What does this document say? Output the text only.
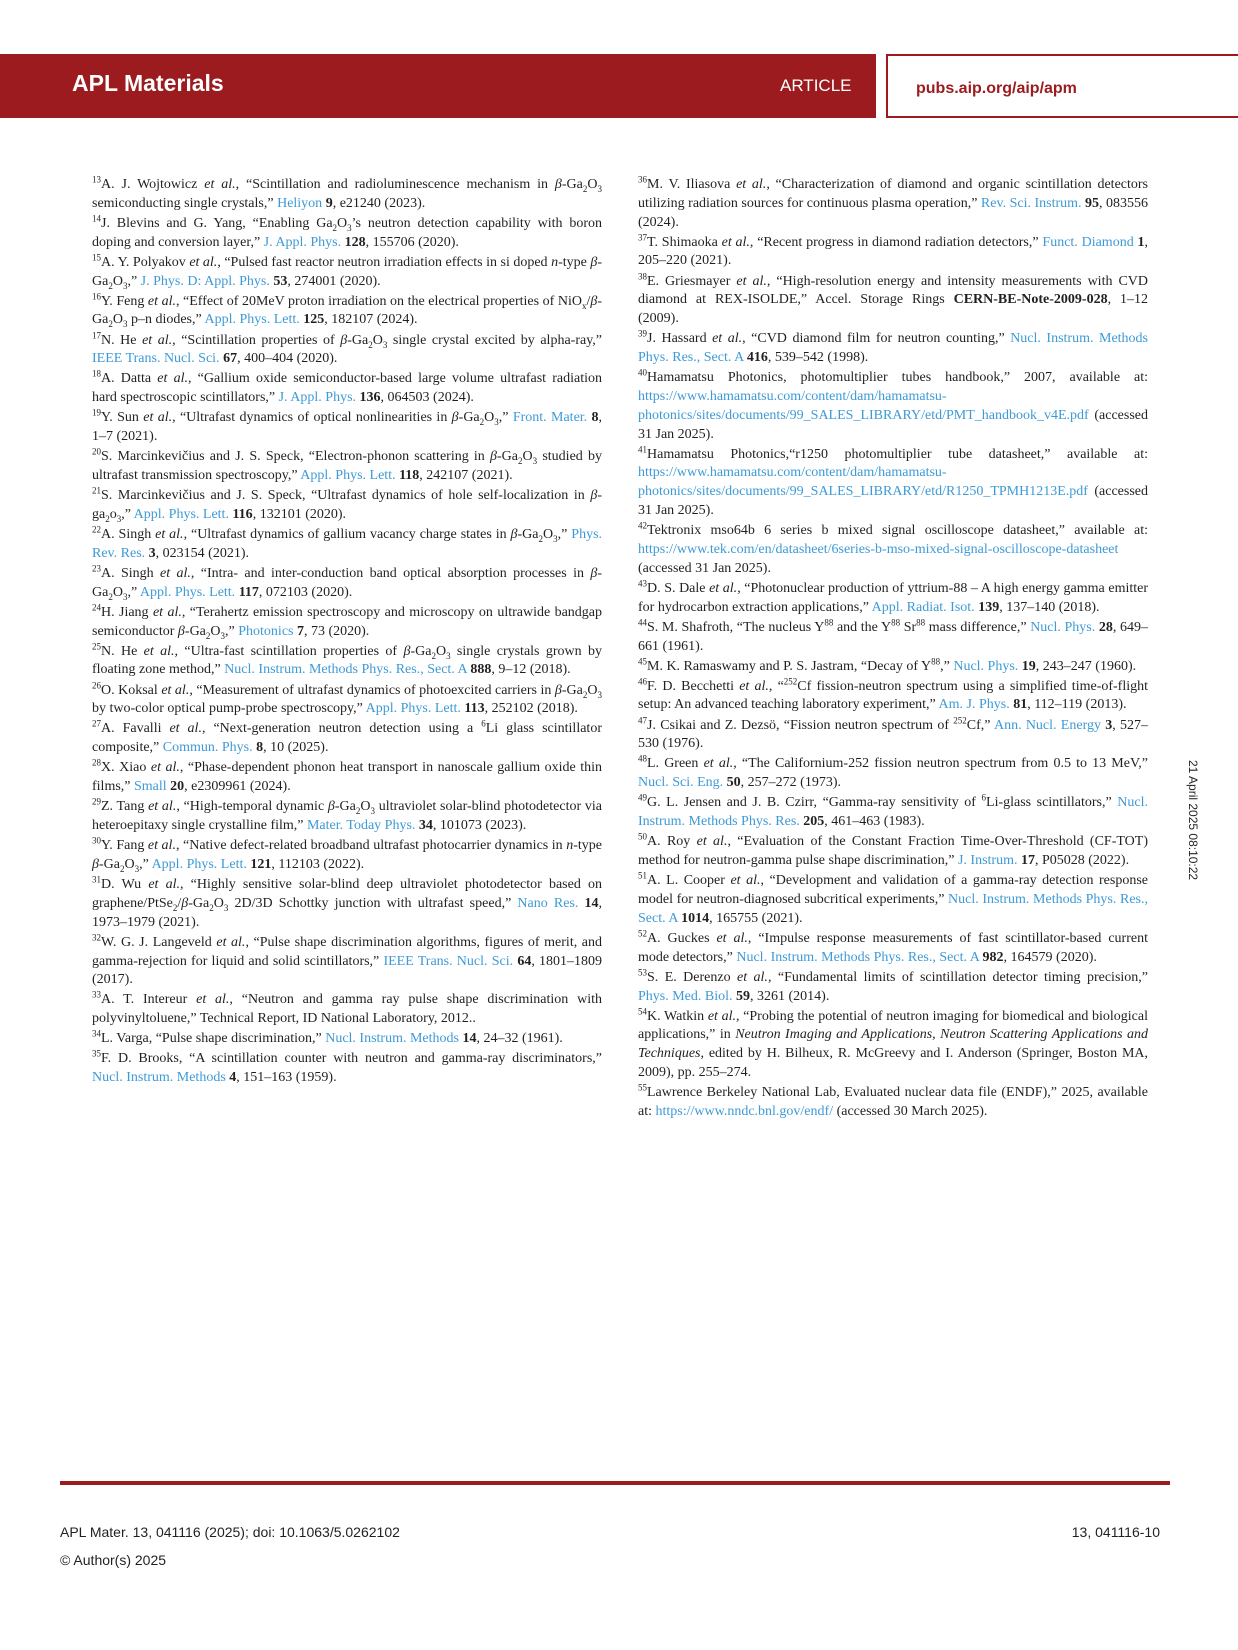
APL Materials	ARTICLE	pubs.aip.org/aip/apm

$^{13}$A. J. Wojtowicz et al., “Scintillation and radioluminescence mechanism in $\beta-Ga_2O_3$ semiconducting single crystals,” Heliyon 9, e21240 (2023).

$^{14}$J. Blevins and G. Yang, “Enabling $Ga_2O_3’s$ neutron detection capability with boron doping and conversion layer,” J. Appl. Phys. 128, 155706 (2020).

$^{15}$A. Y. Polyakov et al., “Pulsed fast reactor neutron irradiation effects in si doped n-type $\beta-Ga_2O_3$,” J. Phys. D: Appl. Phys. 53, 274001 (2020).

$^{16}$Y. Feng et al., “Effect of 20MeV proton irradiation on the electrical properties of $NiO_x/\beta-Ga_2O_3$ p–n diodes,” Appl. Phys. Lett. 125, 182107 (2024).

$^{17}$N. He et al., “Scintillation properties of $\beta-Ga_2O_3$ single crystal excited by alpha-ray,” IEEE Trans. Nucl. Sci. 67, 400–404 (2020).

$^{18}$A. Datta et al., “Gallium oxide semiconductor-based large volume ultrafast radiation hard spectroscopic scintillators,” J. Appl. Phys. 136, 064503 (2024).

$^{19}$Y. Sun et al., “Ultrafast dynamics of optical nonlinearities in $\beta-Ga_2O_3$,” Front. Mater. 8, 1–7 (2021).

$^{20}$S. Marcinkevičius and J. S. Speck, “Electron-phonon scattering in $\beta-Ga_2O_3$ studied by ultrafast transmission spectroscopy,” Appl. Phys. Lett. 118, 242107 (2021).

$^{21}$S. Marcinkevičius and J. S. Speck, “Ultrafast dynamics of hole self-localization in $\beta-ga_2o_3$,” Appl. Phys. Lett. 116, 132101 (2020).

$^{22}$A. Singh et al., “Ultrafast dynamics of gallium vacancy charge states in $\beta-Ga_2O_3$,” Phys. Rev. Res. 3, 023154 (2021).

$^{23}$A. Singh et al., “Intra- and inter-conduction band optical absorption processes in $\beta-Ga_2O_3$,” Appl. Phys. Lett. 117, 072103 (2020).

$^{24}$H. Jiang et al., “Terahertz emission spectroscopy and microscopy on ultrawide bandgap semiconductor $\beta-Ga_2O_3$,” Photonics 7, 73 (2020).

$^{25}$N. He et al., “Ultra-fast scintillation properties of $\beta-Ga_2O_3$ single crystals grown by floating zone method,” Nucl. Instrum. Methods Phys. Res., Sect. A 888, 9–12 (2018).

$^{26}$O. Koksal et al., “Measurement of ultrafast dynamics of photoexcited carriers in $\beta-Ga_2O_3$ by two-color optical pump-probe spectroscopy,” Appl. Phys. Lett. 113, 252102 (2018).

$^{27}$A. Favalli et al., “Next-generation neutron detection using a $^6$Li glass scintillator composite,” Commun. Phys. 8, 10 (2025).

$^{28}$X. Xiao et al., “Phase-dependent phonon heat transport in nanoscale gallium oxide thin films,” Small 20, e2309961 (2024).

$^{29}$Z. Tang et al., “High-temporal dynamic $\beta-Ga_2O_3$ ultraviolet solar-blind photodetector via heteroepitaxy single crystalline film,” Mater. Today Phys. 34, 101073 (2023).

$^{30}$Y. Fang et al., “Native defect-related broadband ultrafast photocarrier dynamics in n-type $\beta-Ga_2O_3$,” Appl. Phys. Lett. 121, 112103 (2022).

$^{31}$D. Wu et al., “Highly sensitive solar-blind deep ultraviolet photodetector based on graphene/$PtSe_2/\beta-Ga_2O_3$ 2D/3D Schottky junction with ultrafast speed,” Nano Res. 14, 1973–1979 (2021).

$^{32}$W. G. J. Langeveld et al., “Pulse shape discrimination algorithms, figures of merit, and gamma-rejection for liquid and solid scintillators,” IEEE Trans. Nucl. Sci. 64, 1801–1809 (2017).

$^{33}$A. T. Intereur et al., “Neutron and gamma ray pulse shape discrimination with polyvinyltoluene,” Technical Report, ID National Laboratory, 2012..

$^{34}$L. Varga, “Pulse shape discrimination,” Nucl. Instrum. Methods 14, 24–32 (1961).

$^{35}$F. D. Brooks, “A scintillation counter with neutron and gamma-ray discriminators,” Nucl. Instrum. Methods 4, 151–163 (1959).

$^{36}$M. V. Iliasova et al., “Characterization of diamond and organic scintillation detectors utilizing radiation sources for continuous plasma operation,” Rev. Sci. Instrum. 95, 083556 (2024).

$^{37}$T. Shimaoka et al., “Recent progress in diamond radiation detectors,” Funct. Diamond 1, 205–220 (2021).

$^{38}$E. Griesmayer et al., “High-resolution energy and intensity measurements with CVD diamond at REX-ISOLDE,” Accel. Storage Rings CERN-BE-Note-2009-028, 1–12 (2009).

$^{39}$J. Hassard et al., “CVD diamond film for neutron counting,” Nucl. Instrum. Methods Phys. Res., Sect. A 416, 539–542 (1998).

$^{40}$Hamamatsu Photonics, photomultiplier tubes handbook,” 2007, available at: https://www.hamamatsu.com/content/dam/hamamatsu-photonics/sites/documents/99_SALES_LIBRARY/etd/PMT_handbook_v4E.pdf (accessed 31 Jan 2025).

$^{41}$Hamamatsu Photonics,“r1250 photomultiplier tube datasheet,” available at: https://www.hamamatsu.com/content/dam/hamamatsu-photonics/sites/documents/99_SALES_LIBRARY/etd/R1250_TPMH1213E.pdf (accessed 31 Jan 2025).

$^{42}$Tektronix mso64b 6 series b mixed signal oscilloscope datasheet,” available at: https://www.tek.com/en/datasheet/6series-b-mso-mixed-signal-oscilloscope-datasheet (accessed 31 Jan 2025).

$^{43}$D. S. Dale et al., “Photonuclear production of yttrium-88 – A high energy gamma emitter for hydrocarbon extraction applications,” Appl. Radiat. Isot. 139, 137–140 (2018).

$^{44}$S. M. Shafroth, “The nucleus $Y^{88}$ and the $Y^{88}$ Sr$^{88}$ mass difference,” Nucl. Phys. 28, 649–661 (1961).

$^{45}$M. K. Ramaswamy and P. S. Jastram, “Decay of $Y^{88}$,” Nucl. Phys. 19, 243–247 (1960).

$^{46}$F. D. Becchetti et al., “$^{252}$Cf fission-neutron spectrum using a simplified time-of-flight setup: An advanced teaching laboratory experiment,” Am. J. Phys. 81, 112–119 (2013).

$^{47}$J. Csikai and Z. Dezsö, “Fission neutron spectrum of $^{252}$Cf,” Ann. Nucl. Energy 3, 527–530 (1976).

$^{48}$L. Green et al., “The Californium-252 fission neutron spectrum from 0.5 to 13 MeV,” Nucl. Sci. Eng. 50, 257–272 (1973).

$^{49}$G. L. Jensen and J. B. Czirr, “Gamma-ray sensitivity of $^6$Li-glass scintillators,” Nucl. Instrum. Methods Phys. Res. 205, 461–463 (1983).

$^{50}$A. Roy et al., “Evaluation of the Constant Fraction Time-Over-Threshold (CF-TOT) method for neutron-gamma pulse shape discrimination,” J. Instrum. 17, P05028 (2022).

$^{51}$A. L. Cooper et al., “Development and validation of a gamma-ray detection response model for neutron-diagnosed subcritical experiments,” Nucl. Instrum. Methods Phys. Res., Sect. A 1014, 165755 (2021).

$^{52}$A. Guckes et al., “Impulse response measurements of fast scintillator-based current mode detectors,” Nucl. Instrum. Methods Phys. Res., Sect. A 982, 164579 (2020).

$^{53}$S. E. Derenzo et al., “Fundamental limits of scintillation detector timing precision,” Phys. Med. Biol. 59, 3261 (2014).

$^{54}$K. Watkin et al., “Probing the potential of neutron imaging for biomedical and biological applications,” in Neutron Imaging and Applications, Neutron Scattering Applications and Techniques, edited by H. Bilheux, R. McGreevy and I. Anderson (Springer, Boston MA, 2009), pp. 255–274.

$^{55}$Lawrence Berkeley National Lab, Evaluated nuclear data file (ENDF),” 2025, available at: https://www.nndc.bnl.gov/endf/ (accessed 30 March 2025).

21 April 2025 08:10:22
APL Mater. 13, 041116 (2025); doi: 10.1063/5.0262102
© Author(s) 2025
13, 041116-10
